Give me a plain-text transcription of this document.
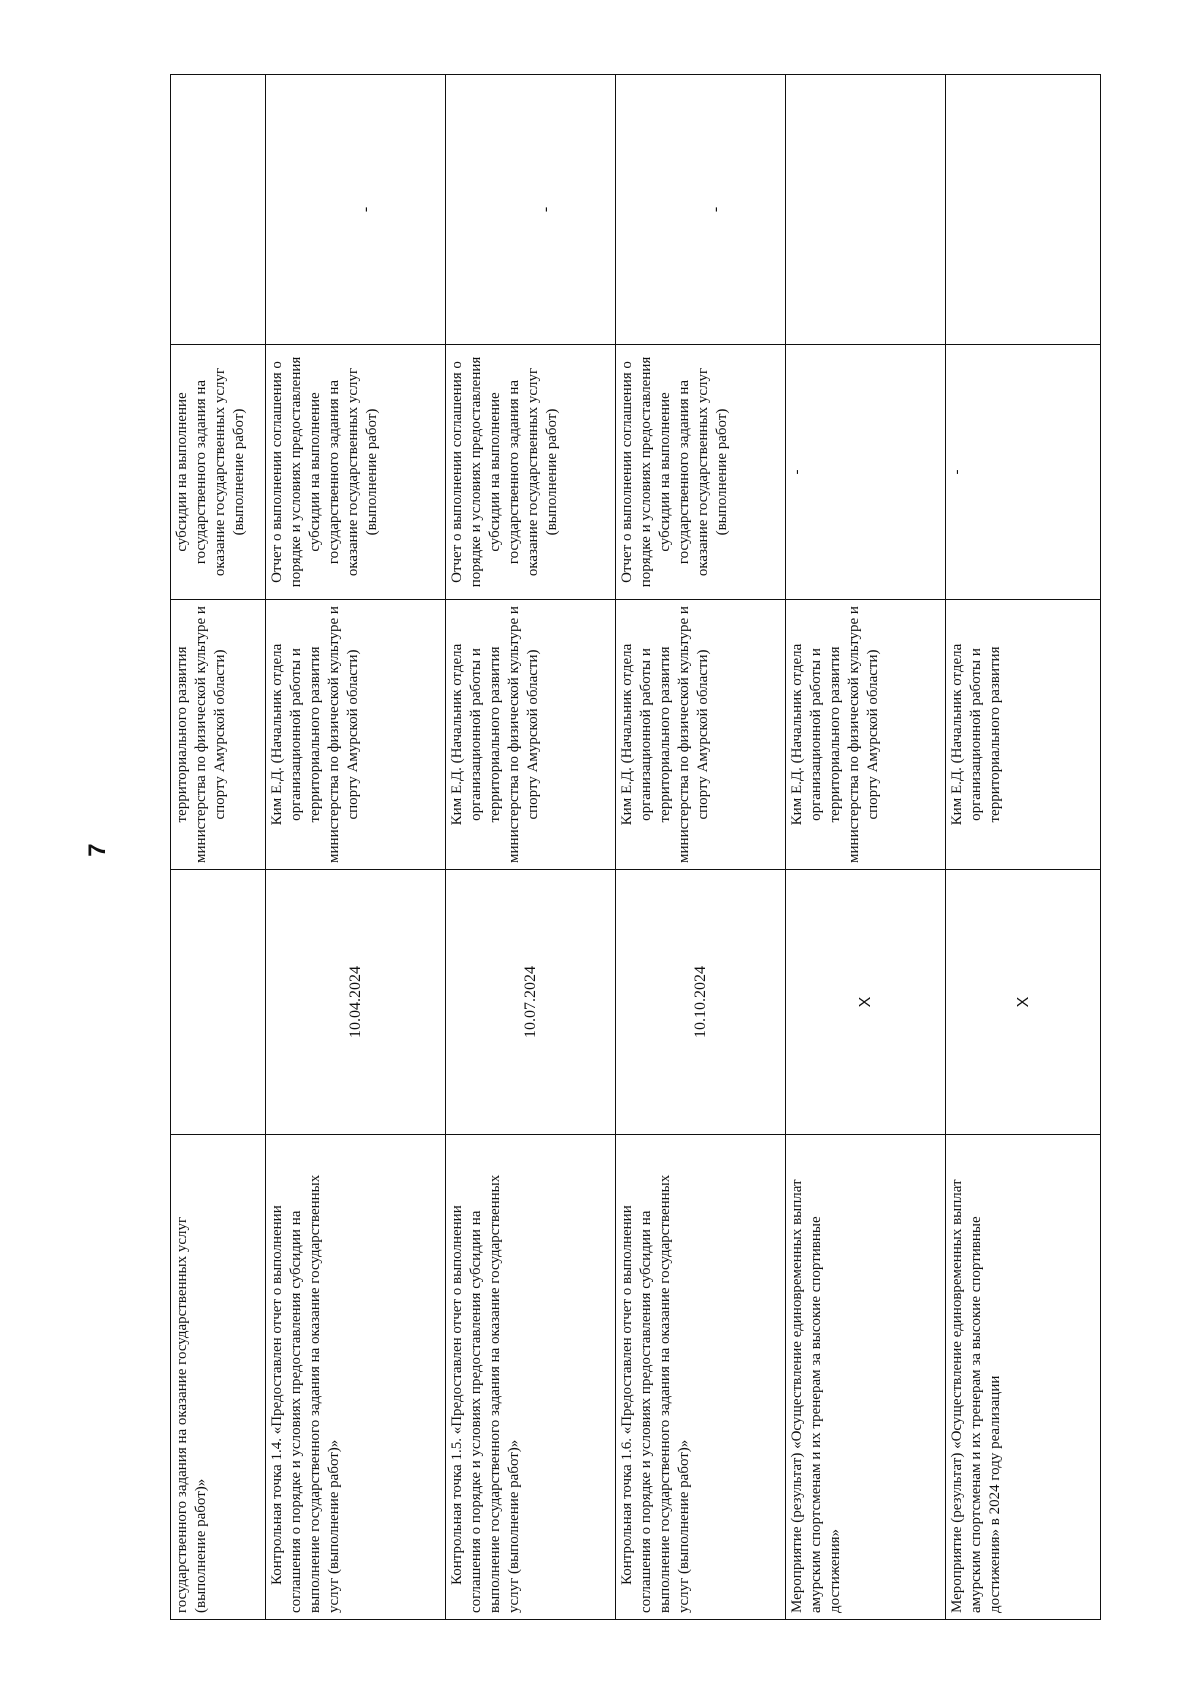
7
государственного задания на оказание государственных услуг (выполнение работ)»		территориального развития министерства по физической культуре и спорту Амурской области)	субсидии на выполнение государственного задания на оказание государственных услуг (выполнение работ)	
Контрольная точка 1.4. «Предоставлен отчет о выполнении соглашения о порядке и условиях предоставления субсидии на выполнение государственного задания на оказание государственных услуг (выполнение работ)»	10.04.2024	Ким Е.Д. (Начальник отдела организационной работы и территориального развития министерства по физической культуре и спорту Амурской области)	Отчет о выполнении соглашения о порядке и условиях предоставления субсидии на выполнение государственного задания на оказание государственных услуг (выполнение работ)	-
Контрольная точка 1.5. «Предоставлен отчет о выполнении соглашения о порядке и условиях предоставления субсидии на выполнение государственного задания на оказание государственных услуг (выполнение работ)»	10.07.2024	Ким Е.Д. (Начальник отдела организационной работы и территориального развития министерства по физической культуре и спорту Амурской области)	Отчет о выполнении соглашения о порядке и условиях предоставления субсидии на выполнение государственного задания на оказание государственных услуг (выполнение работ)	-
Контрольная точка 1.6. «Предоставлен отчет о выполнении соглашения о порядке и условиях предоставления субсидии на выполнение государственного задания на оказание государственных услуг (выполнение работ)»	10.10.2024	Ким Е.Д. (Начальник отдела организационной работы и территориального развития министерства по физической культуре и спорту Амурской области)	Отчет о выполнении соглашения о порядке и условиях предоставления субсидии на выполнение государственного задания на оказание государственных услуг (выполнение работ)	-
Мероприятие (результат) «Осуществление единовременных выплат амурским спортсменам и их тренерам за высокие спортивные достижения»	X	Ким Е.Д. (Начальник отдела организационной работы и территориального развития министерства по физической культуре и спорту Амурской области)	-	
Мероприятие (результат) «Осуществление единовременных выплат амурским спортсменам и их тренерам за высокие спортивные достижения» в 2024 году реализации	X	Ким Е.Д. (Начальник отдела организационной работы и территориального развития	-	
